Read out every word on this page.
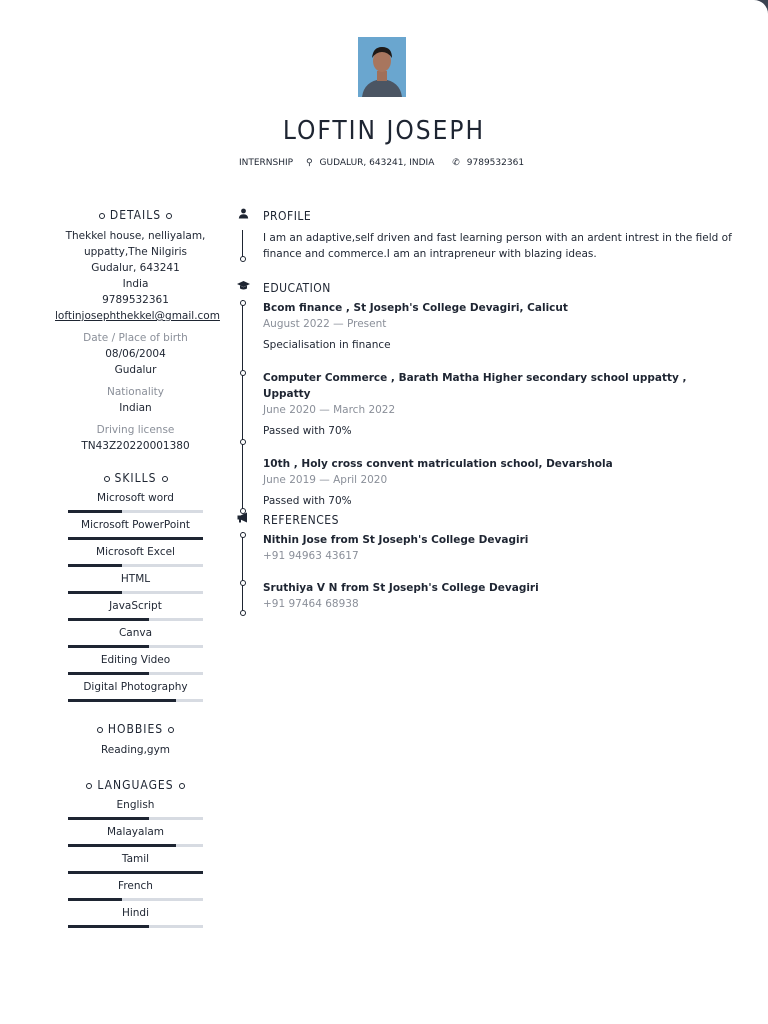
LOFTIN JOSEPH
INTERNSHIP ⚲ GUDALUR, 643241, INDIA ✆ 9789532361
DETAILS
Thekkel house, nelliyalam,
uppatty,The Nilgiris
Gudalur, 643241
India
9789532361
loftinjosephthekkel@gmail.com
Date / Place of birth
08/06/2004
Gudalur
Nationality
Indian
Driving license
TN43Z20220001380
SKILLS
Microsoft word
Microsoft PowerPoint
Microsoft Excel
HTML
JavaScript
Canva
Editing Video
Digital Photography
HOBBIES
Reading,gym
LANGUAGES
English
Malayalam
Tamil
French
Hindi
PROFILE
I am an adaptive,self driven and fast learning person with an ardent intrest in the field of finance and commerce.I am an intrapreneur with blazing ideas.
EDUCATION
Bcom finance , St Joseph's College Devagiri, Calicut
August 2022 — Present
Specialisation in finance
Computer Commerce , Barath Matha Higher secondary school uppatty , Uppatty
June 2020 — March 2022
Passed with 70%
10th , Holy cross convent matriculation school, Devarshola
June 2019 — April 2020
Passed with 70%
REFERENCES
Nithin Jose from St Joseph's College Devagiri
+91 94963 43617
Sruthiya V N from St Joseph's College Devagiri
+91 97464 68938
